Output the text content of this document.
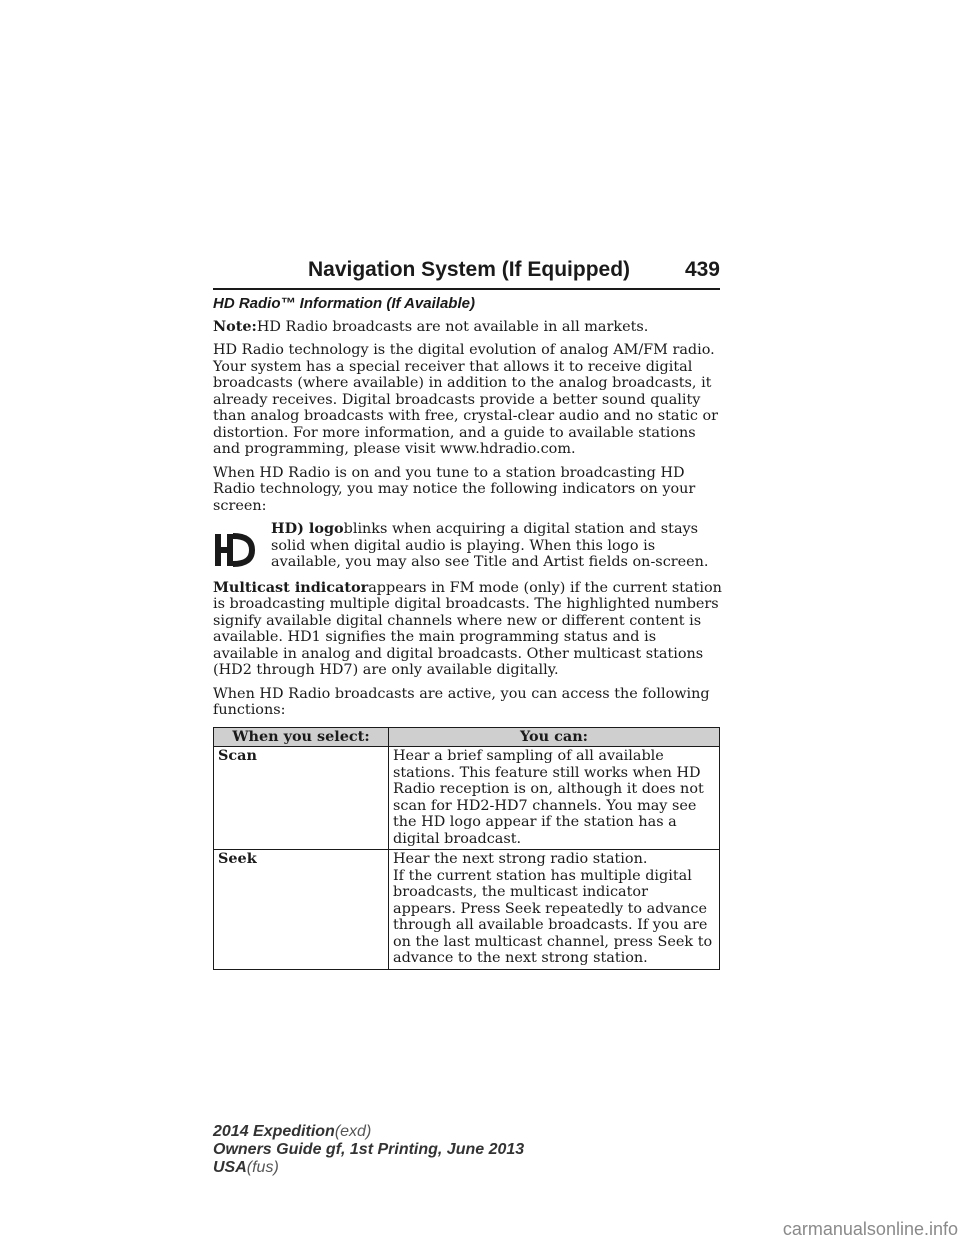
Navigation System (If Equipped)	439
HD Radio™ Information (If Available)

Note:HD Radio broadcasts are not available in all markets.

HD Radio technology is the digital evolution of analog AM/FM radio. Your system has a special receiver that allows it to receive digital broadcasts (where available) in addition to the analog broadcasts, it already receives. Digital broadcasts provide a better sound quality than analog broadcasts with free, crystal-clear audio and no static or distortion. For more information, and a guide to available stations and programming, please visit www.hdradio.com.

When HD Radio is on and you tune to a station broadcasting HD Radio technology, you may notice the following indicators on your screen:

HD) logoblinks when acquiring a digital station and stays solid when digital audio is playing. When this logo is available, you may also see Title and Artist fields on-screen.

Multicast indicatorappears in FM mode (only) if the current station is broadcasting multiple digital broadcasts. The highlighted numbers signify available digital channels where new or different content is available. HD1 signifies the main programming status and is available in analog and digital broadcasts. Other multicast stations (HD2 through HD7) are only available digitally.

When HD Radio broadcasts are active, you can access the following functions:

When you select:	You can:
Scan	Hear a brief sampling of all available stations. This feature still works when HD Radio reception is on, although it does not scan for HD2-HD7 channels. You may see the HD logo appear if the station has a digital broadcast.

Seek	Hear the next strong radio station.
If the current station has multiple digital broadcasts, the multicast indicator appears. Press Seek repeatedly to advance through all available broadcasts. If you are on the last multicast channel, press Seek to advance to the next strong station.
2014 Expedition(exd)
Owners Guide gf, 1st Printing, June 2013
USA(fus)
carmanualsonline.info
